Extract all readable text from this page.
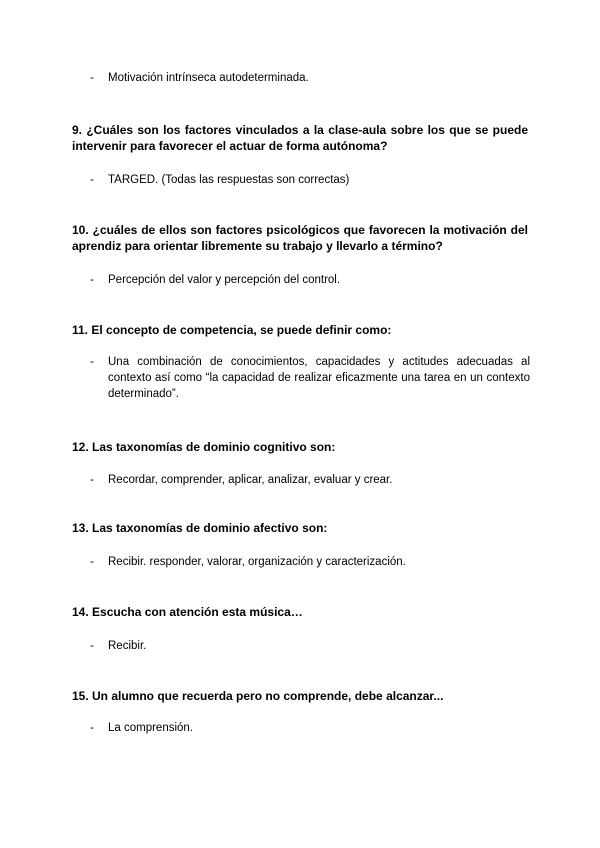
- Motivación intrínseca autodeterminada.
9. ¿Cuáles son los factores vinculados a la clase-aula sobre los que se puede intervenir para favorecer el actuar de forma autónoma?
- TARGED. (Todas las respuestas son correctas)
10. ¿cuáles de ellos son factores psicológicos que favorecen la motivación del aprendiz para orientar libremente su trabajo y llevarlo a término?
- Percepción del valor y percepción del control.
11. El concepto de competencia, se puede definir como:
- Una combinación de conocimientos, capacidades y actitudes adecuadas al contexto así como “la capacidad de realizar eficazmente una tarea en un contexto determinado”.
12. Las taxonomías de dominio cognitivo son:
- Recordar, comprender, aplicar, analizar, evaluar y crear.
13. Las taxonomías de dominio afectivo son:
- Recibir. responder, valorar, organización y caracterización.
14. Escucha con atención esta música…
- Recibir.
15. Un alumno que recuerda pero no comprende, debe alcanzar...
- La comprensión.
